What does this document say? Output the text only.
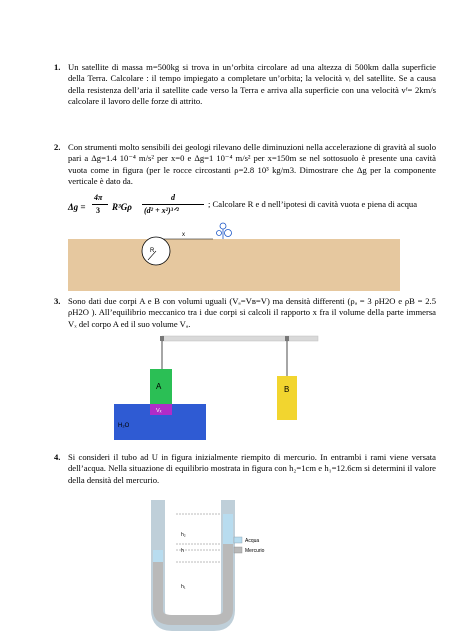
1. Un satellite di massa m=500kg si trova in un’orbita circolare ad una altezza di 500km dalla superficie della Terra. Calcolare : il tempo impiegato a completare un’orbita; la velocità vᵢ del satellite. Se a causa della resistenza dell’aria il satellite cade verso la Terra e arriva alla superficie con una velocità vᶠ= 2km/s calcolare il lavoro delle forze di attrito.
2. Con strumenti molto sensibili dei geologi rilevano delle diminuzioni nella accelerazione di gravità al suolo pari a Δg=1.4 10⁻⁴ m/s² per x=0 e Δg=1 10⁻⁴ m/s² per x=150m se nel sottosuolo è presente una cavità vuota come in figura (per le rocce circostanti ρ=2.8 10³ kg/m3. Dimostrare che Δg per la componente verticale è dato da.
Δg =
4π
3 R³Gρ
d
(d² + x²)³ᐟ²
; Calcolare R e d nell’ipotesi di cavità vuota e piena di acqua
x
R
3. Sono dati due corpi A e B con volumi uguali (Vₐ=Vʙ=V) ma densità differenti (ρₐ = 3 ρH2O e ρB = 2.5 ρH2O ). All’equilibrio meccanico tra i due corpi si calcoli il rapporto x fra il volume della parte immersa Vₓ del corpo A ed il suo volume Vₐ.
A	B
Vₓ
H₂O
4. Si consideri il tubo ad U in figura inizialmente riempito di mercurio. In entrambi i rami viene versata dell’acqua. Nella situazione di equilibrio mostrata in figura con h₂=1cm e h₁=12.6cm si determini il valore della densità del mercurio.
h₂
h
h₁
Acqua
Mercurio
